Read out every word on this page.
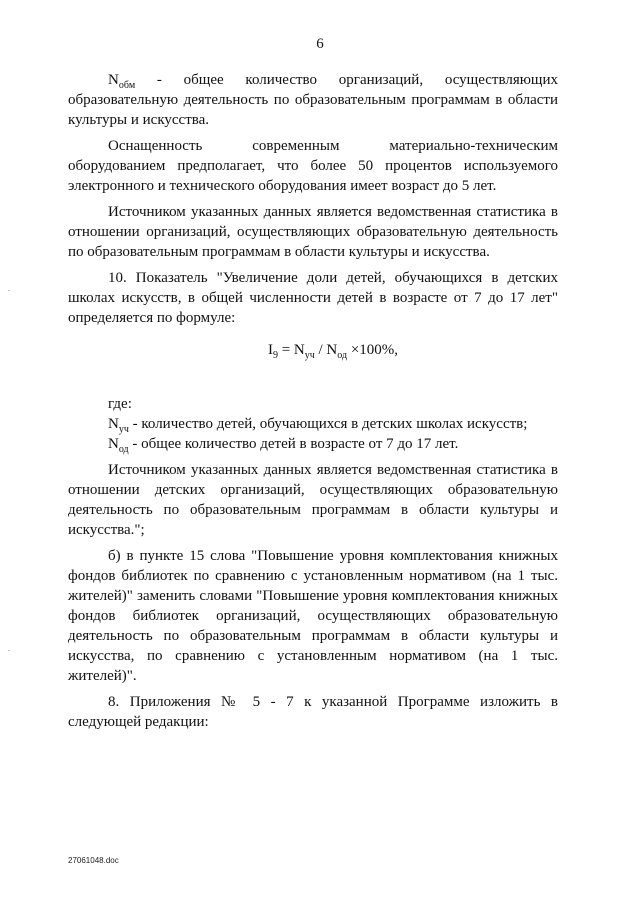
6

$N_{обм}$ - общее количество организаций, осуществляющих образовательную деятельность по образовательным программам в области культуры и искусства.

Оснащенность современным материально-техническим оборудованием предполагает, что более 50 процентов используемого электронного и технического оборудования имеет возраст до 5 лет.

Источником указанных данных является ведомственная статистика в отношении организаций, осуществляющих образовательную деятельность по образовательным программам в области культуры и искусства.

10. Показатель "Увеличение доли детей, обучающихся в детских школах искусств, в общей численности детей в возрасте от 7 до 17 лет" определяется по формуле:

$I_9 = N_{уч} / N_{од} \times 100\%$,

где:

$N_{уч}$ - количество детей, обучающихся в детских школах искусств;

$N_{од}$ - общее количество детей в возрасте от 7 до 17 лет.

Источником указанных данных является ведомственная статистика в отношении детских организаций, осуществляющих образовательную деятельность по образовательным программам в области культуры и искусства.";

б) в пункте 15 слова "Повышение уровня комплектования книжных фондов библиотек по сравнению с установленным нормативом (на 1 тыс. жителей)" заменить словами "Повышение уровня комплектования книжных фондов библиотек организаций, осуществляющих образовательную деятельность по образовательным программам в области культуры и искусства, по сравнению с установленным нормативом (на 1 тыс. жителей)".

8. Приложения № 5 - 7 к указанной Программе изложить в следующей редакции:

27061048.doc
